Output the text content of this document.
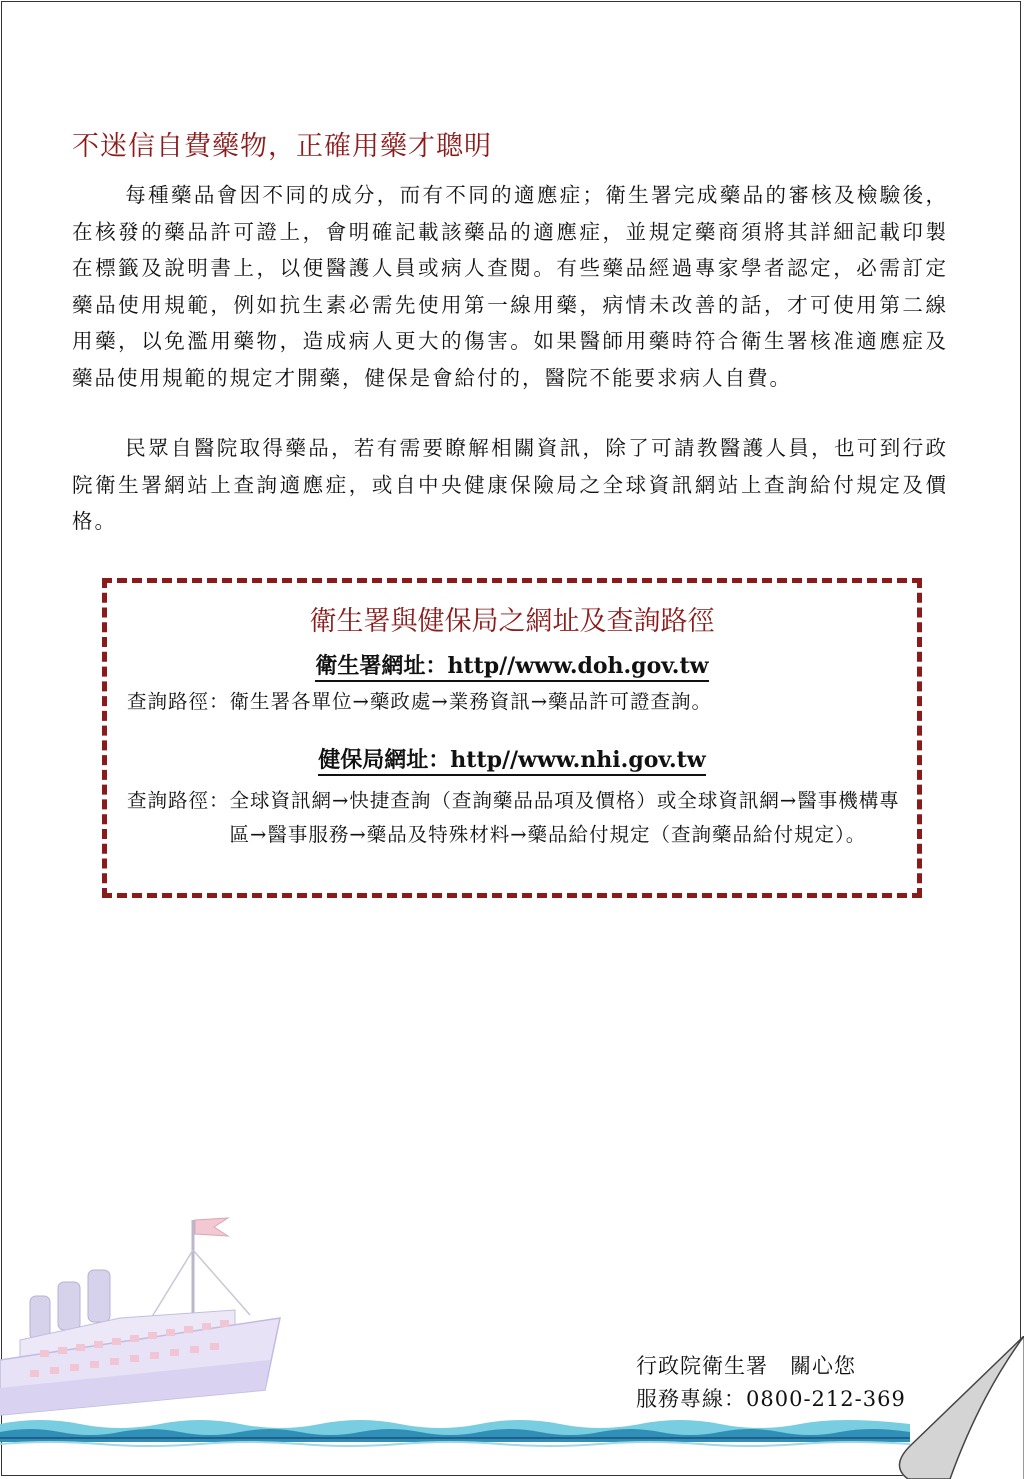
不迷信自費藥物，正確用藥才聰明

每種藥品會因不同的成分，而有不同的適應症；衛生署完成藥品的審核及檢驗後，在核發的藥品許可證上，會明確記載該藥品的適應症，並規定藥商須將其詳細記載印製在標籤及說明書上，以便醫護人員或病人查閱。有些藥品經過專家學者認定，必需訂定藥品使用規範，例如抗生素必需先使用第一線用藥，病情未改善的話，才可使用第二線用藥，以免濫用藥物，造成病人更大的傷害。如果醫師用藥時符合衛生署核准適應症及藥品使用規範的規定才開藥，健保是會給付的，醫院不能要求病人自費。

民眾自醫院取得藥品，若有需要瞭解相關資訊，除了可請教醫護人員，也可到行政院衛生署網站上查詢適應症，或自中央健康保險局之全球資訊網站上查詢給付規定及價格。

衛生署與健保局之網址及查詢路徑
衛生署網址：http//www.doh.gov.tw
查詢路徑： 衛生署各單位→藥政處→業務資訊→藥品許可證查詢。
健保局網址：http//www.nhi.gov.tw
查詢路徑： 全球資訊網→快捷查詢（查詢藥品品項及價格）或全球資訊網→醫事機構專區→醫事服務→藥品及特殊材料→藥品給付規定（查詢藥品給付規定）。
行政院衛生署　關心您
服務專線：0800-212-369
